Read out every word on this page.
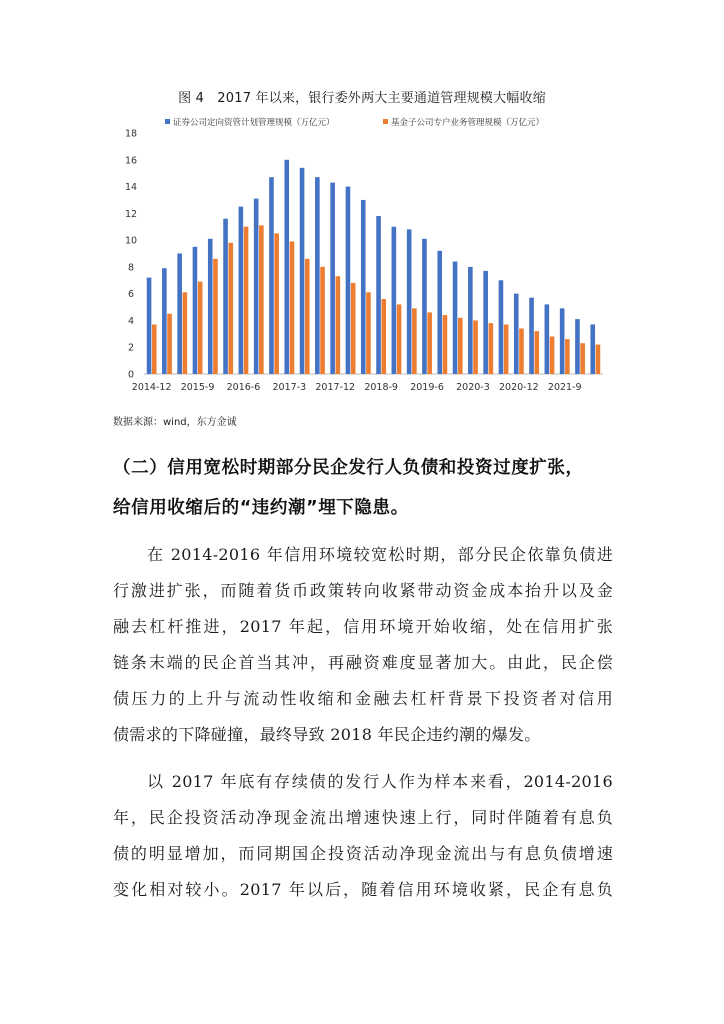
图 4　2017 年以来，银行委外两大主要通道管理规模大幅收缩
证券公司定向资管计划管理规模（万亿元）	基金子公司专户业务管理规模（万亿元）
0
2
4
6
8
10
12
14
16
18
2014-12 2015-9 2016-6 2017-3 2017-12 2018-9 2019-6 2020-3 2020-12 2021-9
数据来源：wind，东方金诚
（二）信用宽松时期部分民企发行人负债和投资过度扩张，
给信用收缩后的“违约潮”埋下隐患。
在 2014-2016 年信用环境较宽松时期，部分民企依靠负债进
行激进扩张，而随着货币政策转向收紧带动资金成本抬升以及金
融去杠杆推进，2017 年起，信用环境开始收缩，处在信用扩张
链条末端的民企首当其冲，再融资难度显著加大。由此，民企偿
债压力的上升与流动性收缩和金融去杠杆背景下投资者对信用
债需求的下降碰撞，最终导致 2018 年民企违约潮的爆发。
以 2017 年底有存续债的发行人作为样本来看，2014-2016
年，民企投资活动净现金流出增速快速上行，同时伴随着有息负
债的明显增加，而同期国企投资活动净现金流出与有息负债增速
变化相对较小。2017 年以后，随着信用环境收紧，民企有息负
